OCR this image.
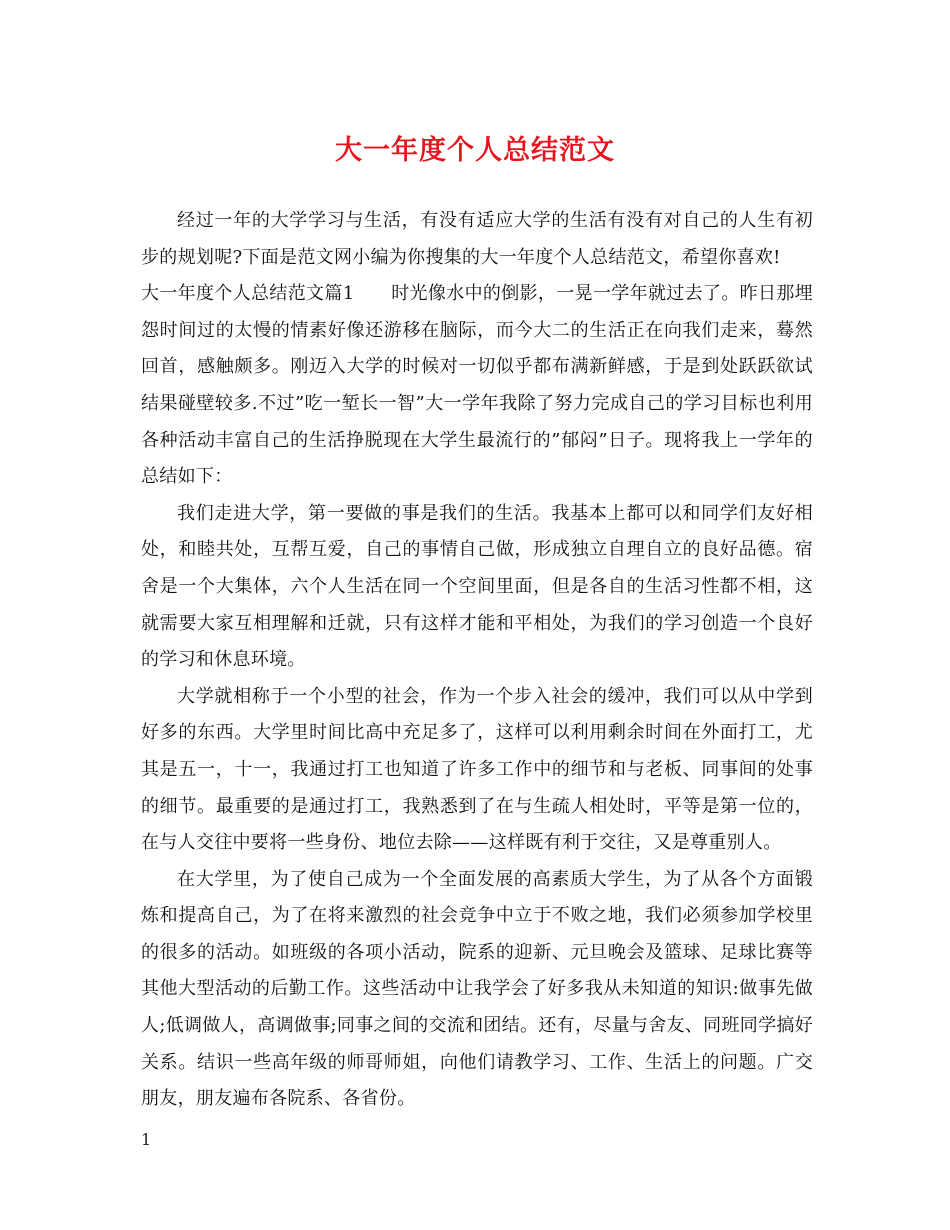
大一年度个人总结范文

经过一年的大学学习与生活，有没有适应大学的生活有没有对自己的人生有初步的规划呢?下面是范文网小编为你搜集的大一年度个人总结范文，希望你喜欢!

大一年度个人总结范文篇1　　时光像水中的倒影，一晃一学年就过去了。昨日那埋怨时间过的太慢的情素好像还游移在脑际，而今大二的生活正在向我们走来，蓦然回首，感触颇多。刚迈入大学的时候对一切似乎都布满新鲜感，于是到处跃跃欲试结果碰壁较多.不过”吃一堑长一智”大一学年我除了努力完成自己的学习目标也利用各种活动丰富自己的生活挣脱现在大学生最流行的”郁闷”日子。现将我上一学年的总结如下：

我们走进大学，第一要做的事是我们的生活。我基本上都可以和同学们友好相处，和睦共处，互帮互爱，自己的事情自己做，形成独立自理自立的良好品德。宿舍是一个大集体，六个人生活在同一个空间里面，但是各自的生活习性都不相，这就需要大家互相理解和迁就，只有这样才能和平相处，为我们的学习创造一个良好的学习和休息环境。

大学就相称于一个小型的社会，作为一个步入社会的缓冲，我们可以从中学到好多的东西。大学里时间比高中充足多了，这样可以利用剩余时间在外面打工，尤其是五一，十一，我通过打工也知道了许多工作中的细节和与老板、同事间的处事的细节。最重要的是通过打工，我熟悉到了在与生疏人相处时，平等是第一位的，在与人交往中要将一些身份、地位去除——这样既有利于交往，又是尊重别人。

在大学里，为了使自己成为一个全面发展的高素质大学生，为了从各个方面锻炼和提高自己，为了在将来激烈的社会竞争中立于不败之地，我们必须参加学校里的很多的活动。如班级的各项小活动，院系的迎新、元旦晚会及篮球、足球比赛等其他大型活动的后勤工作。这些活动中让我学会了好多我从未知道的知识:做事先做人;低调做人，高调做事;同事之间的交流和团结。还有，尽量与舍友、同班同学搞好关系。结识一些高年级的师哥师姐，向他们请教学习、工作、生活上的问题。广交朋友，朋友遍布各院系、各省份。

1
